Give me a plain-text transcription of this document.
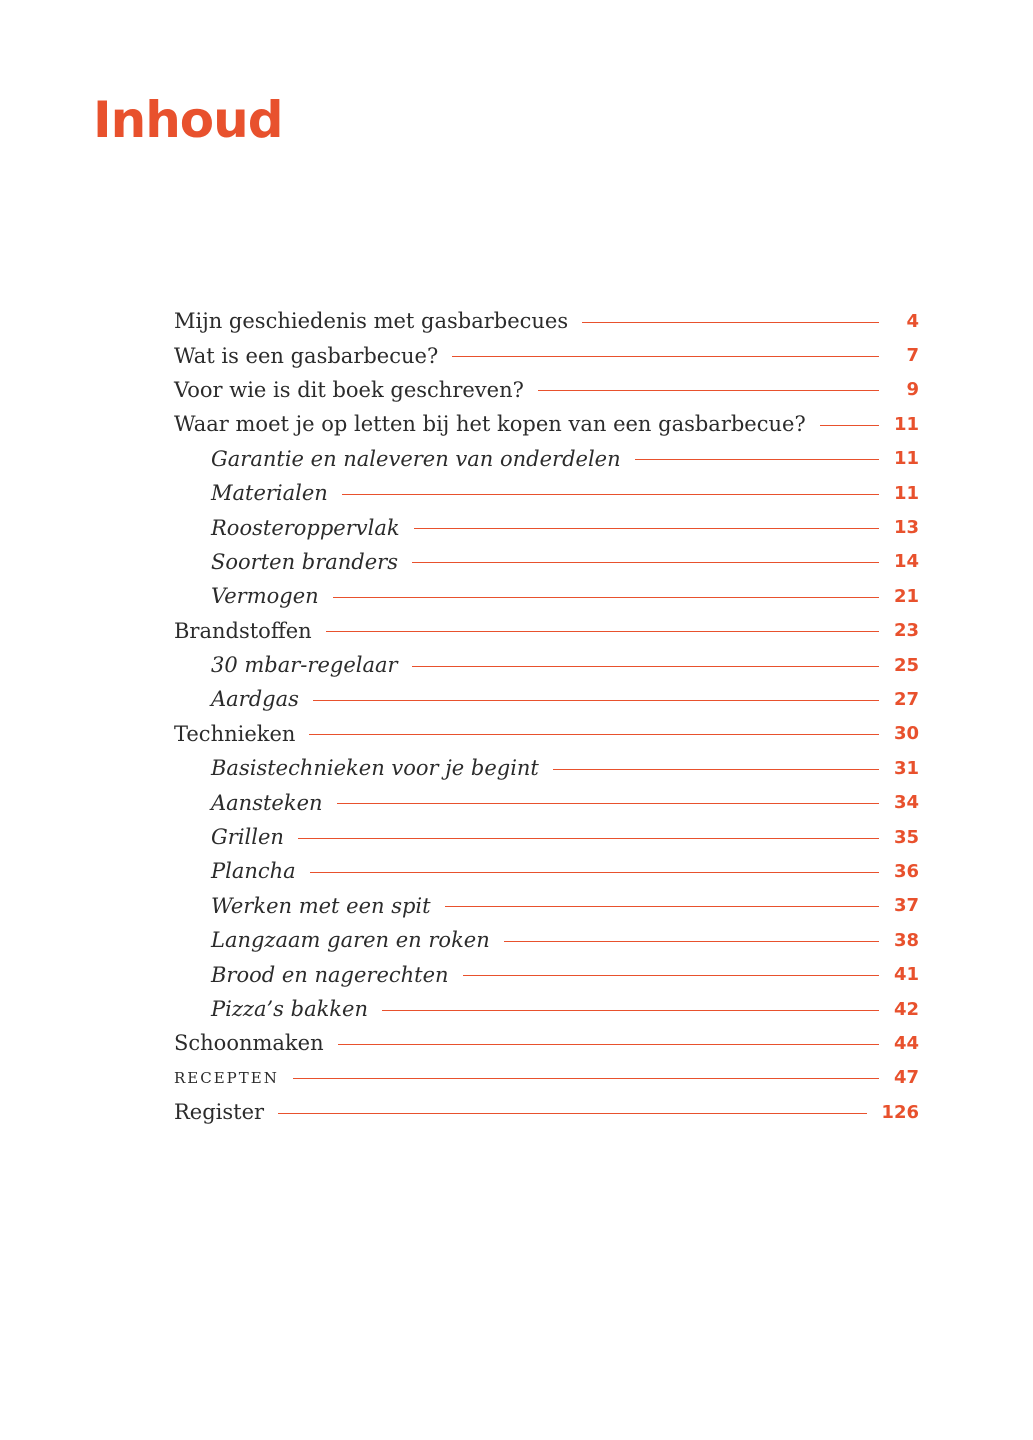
Inhoud
Mijn geschiedenis met gasbarbecues	4
Wat is een gasbarbecue?	7
Voor wie is dit boek geschreven?	9
Waar moet je op letten bij het kopen van een gasbarbecue?	11
Garantie en naleveren van onderdelen	11
Materialen	11
Roosteroppervlak	13
Soorten branders	14
Vermogen	21
Brandstoffen	23
30 mbar-regelaar	25
Aardgas	27
Technieken	30
Basistechnieken voor je begint	31
Aansteken	34
Grillen	35
Plancha	36
Werken met een spit	37
Langzaam garen en roken	38
Brood en nagerechten	41
Pizza’s bakken	42
Schoonmaken	44
RECEPTEN	47
Register	126
